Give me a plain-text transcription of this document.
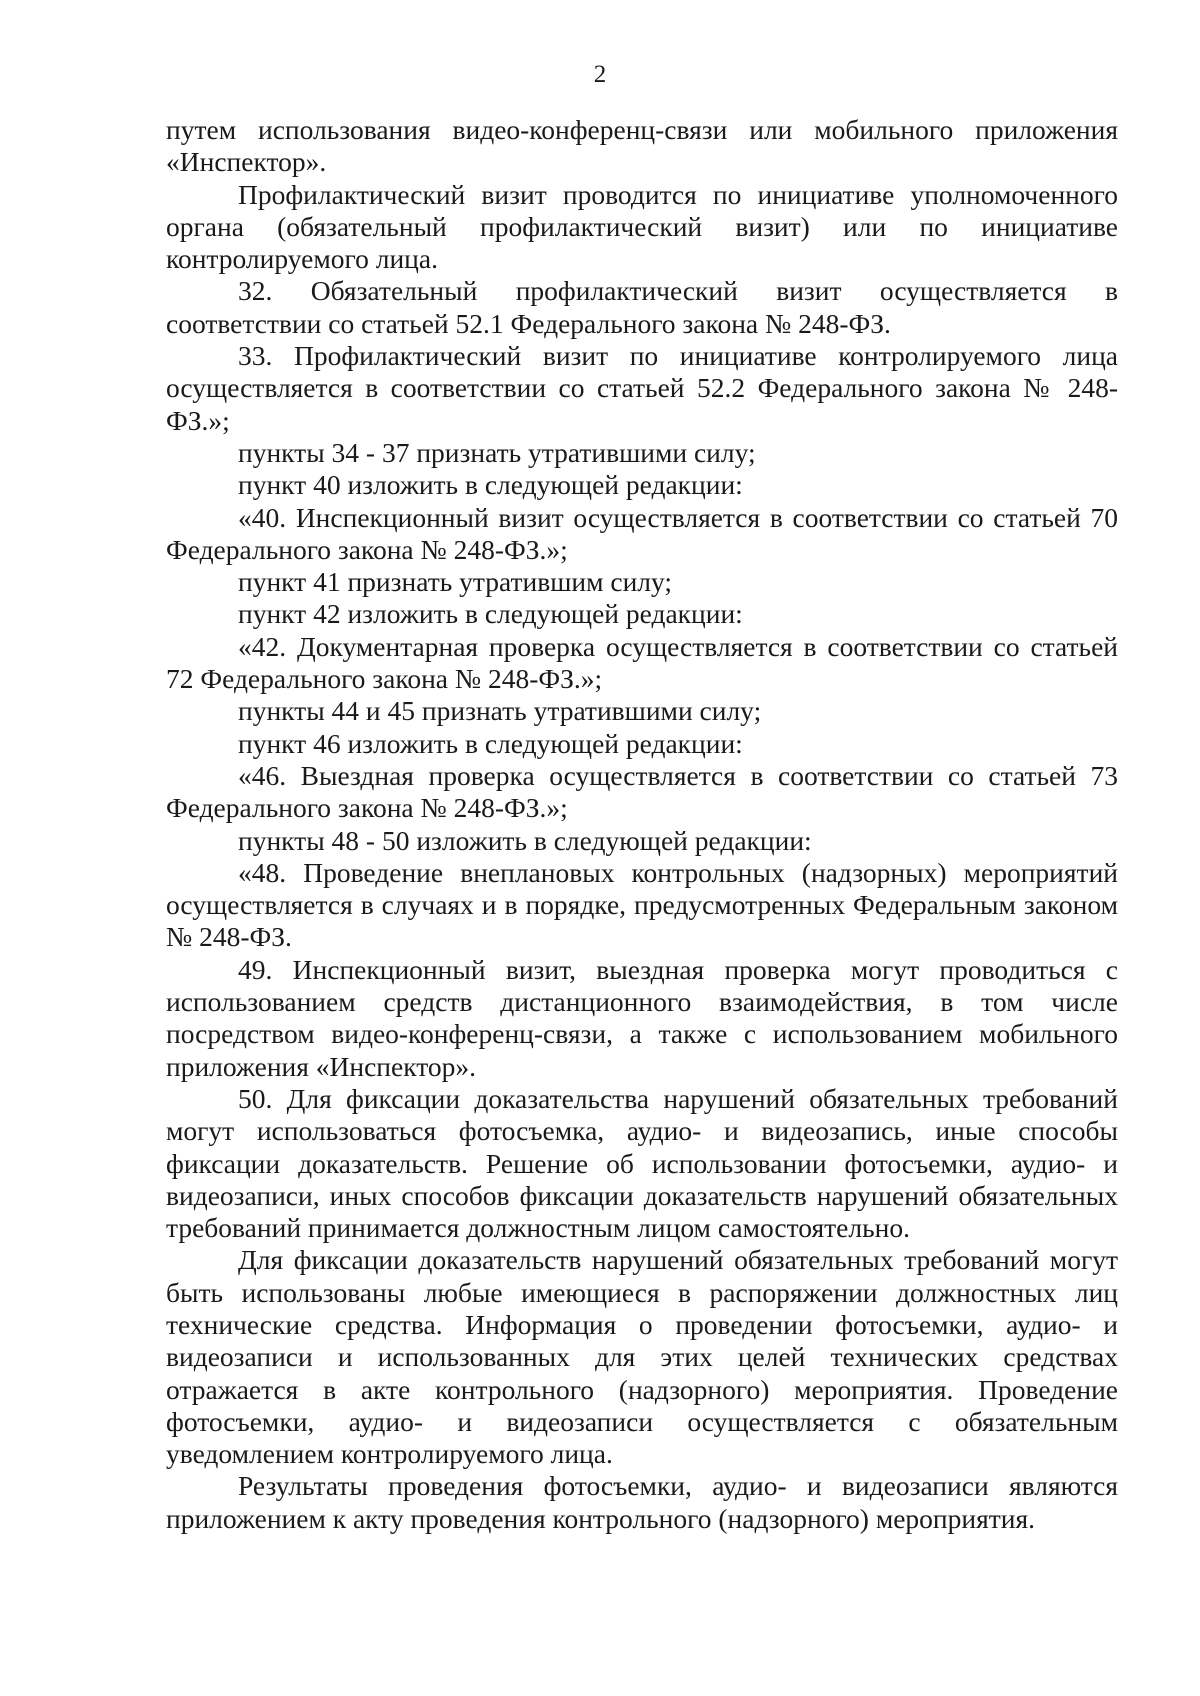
2

путем использования видео-конференц-связи или мобильного приложения «Инспектор».

Профилактический визит проводится по инициативе уполномоченного органа (обязательный профилактический визит) или по инициативе контролируемого лица.

32. Обязательный профилактический визит осуществляется в соответствии со статьей 52.1 Федерального закона № 248-ФЗ.

33. Профилактический визит по инициативе контролируемого лица осуществляется в соответствии со статьей 52.2 Федерального закона № 248-ФЗ.»;

пункты 34 - 37 признать утратившими силу;

пункт 40 изложить в следующей редакции:

«40. Инспекционный визит осуществляется в соответствии со статьей 70 Федерального закона № 248-ФЗ.»;

пункт 41 признать утратившим силу;

пункт 42 изложить в следующей редакции:

«42. Документарная проверка осуществляется в соответствии со статьей 72 Федерального закона № 248-ФЗ.»;

пункты 44 и 45 признать утратившими силу;

пункт 46 изложить в следующей редакции:

«46. Выездная проверка осуществляется в соответствии со статьей 73 Федерального закона № 248-ФЗ.»;

пункты 48 - 50 изложить в следующей редакции:

«48. Проведение внеплановых контрольных (надзорных) мероприятий осуществляется в случаях и в порядке, предусмотренных Федеральным законом № 248-ФЗ.

49. Инспекционный визит, выездная проверка могут проводиться с использованием средств дистанционного взаимодействия, в том числе посредством видео-конференц-связи, а также с использованием мобильного приложения «Инспектор».

50. Для фиксации доказательства нарушений обязательных требований могут использоваться фотосъемка, аудио- и видеозапись, иные способы фиксации доказательств. Решение об использовании фотосъемки, аудио- и видеозаписи, иных способов фиксации доказательств нарушений обязательных требований принимается должностным лицом самостоятельно.

Для фиксации доказательств нарушений обязательных требований могут быть использованы любые имеющиеся в распоряжении должностных лиц технические средства. Информация о проведении фотосъемки, аудио- и видеозаписи и использованных для этих целей технических средствах отражается в акте контрольного (надзорного) мероприятия. Проведение фотосъемки, аудио- и видеозаписи осуществляется с обязательным уведомлением контролируемого лица.

Результаты проведения фотосъемки, аудио- и видеозаписи являются приложением к акту проведения контрольного (надзорного) мероприятия.
